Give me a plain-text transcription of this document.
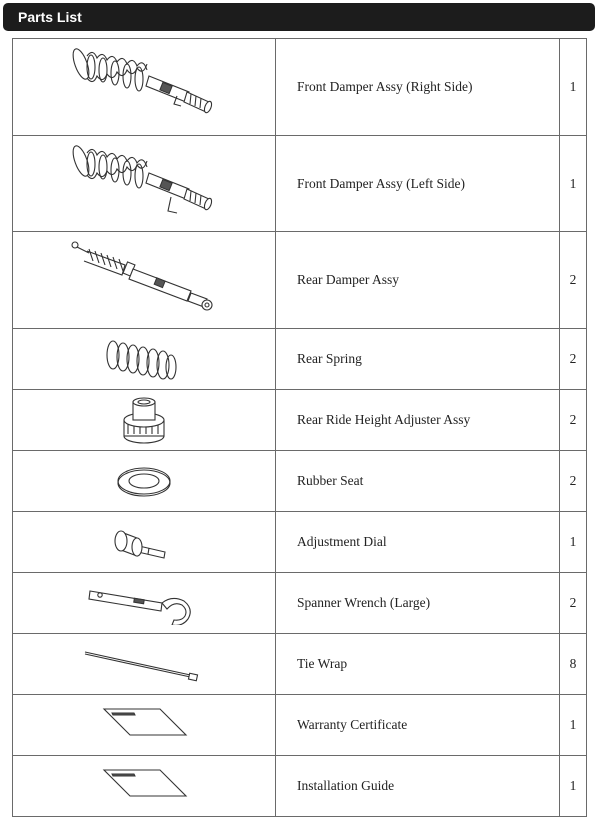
Parts List
	Front Damper Assy (Right Side)	1

	Front Damper Assy (Left Side)	1

	Rear Damper Assy	2

	Rear Spring	2

	Rear Ride Height Adjuster Assy	2

	Rubber Seat	2

	Adjustment Dial	1

	Spanner Wrench (Large)	2

	Tie Wrap	8

	Warranty Certificate	1

	Installation Guide	1
